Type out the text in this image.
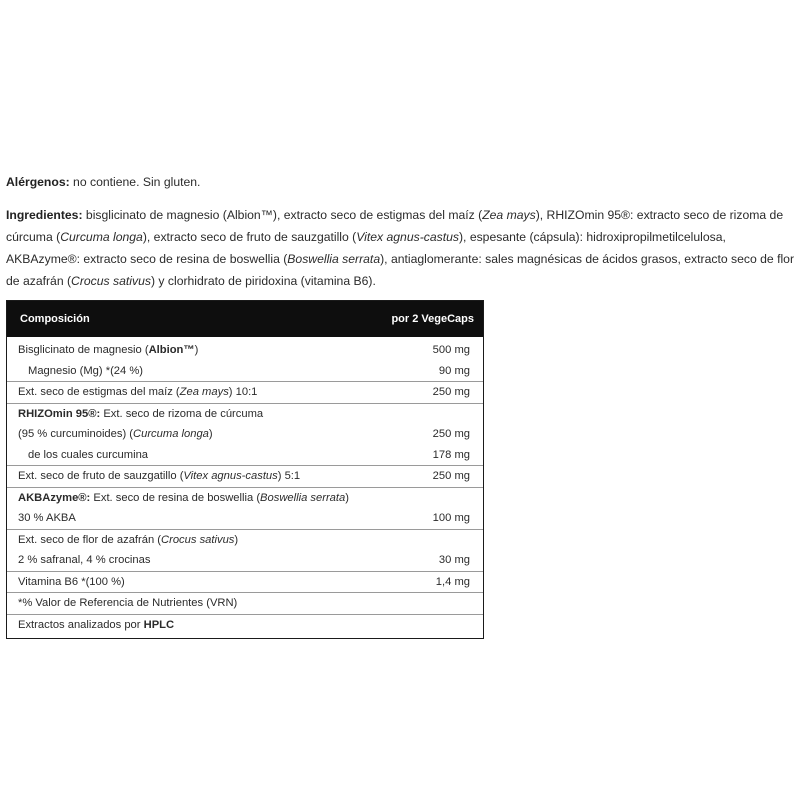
Alérgenos: no contiene. Sin gluten.

Ingredientes: bisglicinato de magnesio (Albion™), extracto seco de estigmas del maíz (Zea mays), RHIZOmin 95®: extracto seco de rizoma de cúrcuma (Curcuma longa), extracto seco de fruto de sauzgatillo (Vitex agnus-castus), espesante (cápsula): hidroxipropilmetilcelulosa, AKBAzyme®: extracto seco de resina de boswellia (Boswellia serrata), antiaglomerante: sales magnésicas de ácidos grasos, extracto seco de flor de azafrán (Crocus sativus) y clorhidrato de piridoxina (vitamina B6).

Composición	por 2 VegeCaps
Bisglicinato de magnesio (Albion™)	500 mg
Magnesio (Mg) *(24 %)	90 mg
Ext. seco de estigmas del maíz (Zea mays) 10:1	250 mg
RHIZOmin 95®: Ext. seco de rizoma de cúrcuma
(95 % curcuminoides) (Curcuma longa)	250 mg
de los cuales curcumina	178 mg
Ext. seco de fruto de sauzgatillo (Vitex agnus-castus) 5:1	250 mg
AKBAzyme®: Ext. seco de resina de boswellia (Boswellia serrata)
30 % AKBA	100 mg
Ext. seco de flor de azafrán (Crocus sativus)
2 % safranal, 4 % crocinas	30 mg
Vitamina B6 *(100 %)	1,4 mg
*% Valor de Referencia de Nutrientes (VRN)
Extractos analizados por HPLC
